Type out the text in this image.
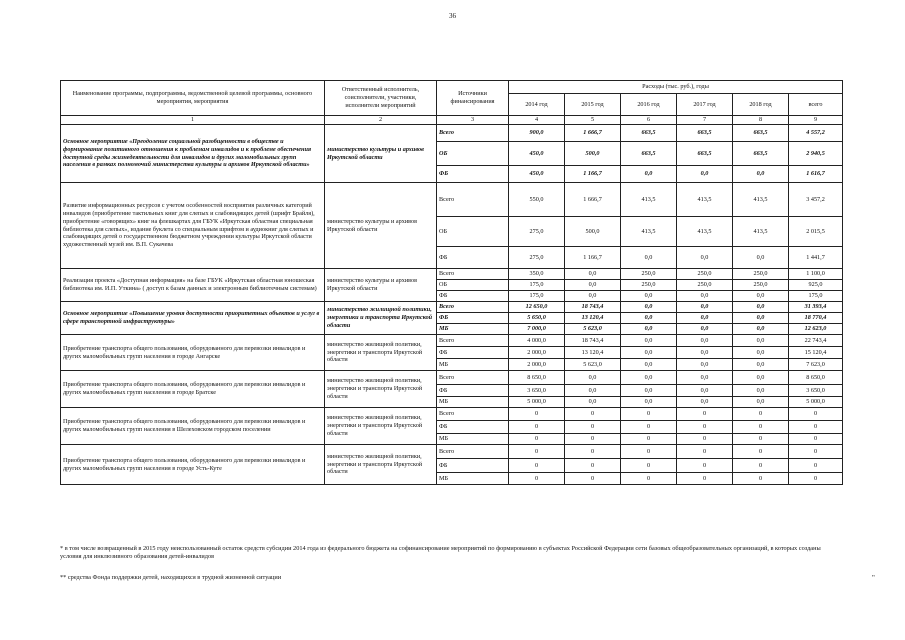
36
Наименование программы, подпрограммы, ведомственной целевой программы, основного мероприятия, мероприятия	Ответственный исполнитель, соисполнители, участники, исполнители мероприятий	Источники финансирования	Расходы (тыс. руб.), годы					
			2014 год	2015 год	2016 год	2017 год	2018 год	всего
1	2	3	4	5	6	7	8	9
Основное мероприятие «Преодоление социальной разобщенности в обществе и формирование позитивного отношения к проблемам инвалидов и к проблеме обеспечения доступной среды жизнедеятельности для инвалидов и других маломобильных групп населения в рамках полномочий министерства культуры и архивов Иркутской области»	министерство культуры и архивов Иркутской области	Всего	900,0	1 666,7	663,5	663,5	663,5	4 557,2
		ОБ	450,0	500,0	663,5	663,5	663,5	2 940,5
		ФБ	450,0	1 166,7	0,0	0,0	0,0	1 616,7
Развитие информационных ресурсов с учетом особенностей восприятия различных категорий инвалидов (приобретение тактильных книг для слепых и слабовидящих детей (шрифт Брайля), приобретение «говорящих» книг на флешкартах для ГБУК «Иркутская областная специальная библиотека для слепых», издание буклета со специальным шрифтом и аудиокниг для слепых и слабовидящих детей о государственном бюджетном учреждении культуры Иркутской области художественный музей им. В.П. Сукачева	министерство культуры и архивов Иркутской области	Всего	550,0	1 666,7	413,5	413,5	413,5	3 457,2
		ОБ	275,0	500,0	413,5	413,5	413,5	2 015,5
		ФБ	275,0	1 166,7	0,0	0,0	0,0	1 441,7
Реализация проекта «Доступная информация» на базе ГБУК «Иркутская областная юношеская библиотека им. И.П. Уткина» ( доступ к базам данных и электронным библиотечным системам)	министерство культуры и архивов Иркутской области	Всего	350,0	0,0	250,0	250,0	250,0	1 100,0
		ОБ	175,0	0,0	250,0	250,0	250,0	925,0
		ФБ	175,0	0,0	0,0	0,0	0,0	175,0
Основное мероприятие «Повышение уровня доступности приоритетных объектов и услуг в сфере транспортной инфраструктуры»	министерство жилищной политики, энергетики и транспорта Иркутской области	Всего	12 650,0	18 743,4	0,0	0,0	0,0	31 393,4
		ФБ	5 650,0	13 120,4	0,0	0,0	0,0	18 770,4
		МБ	7 000,0	5 623,0	0,0	0,0	0,0	12 623,0
Приобретение транспорта общего пользования, оборудованного для перевозки инвалидов и других маломобильных групп населения в городе Ангарске	министерство жилищной политики, энергетики и транспорта Иркутской области	Всего	4 000,0	18 743,4	0,0	0,0	0,0	22 743,4
		ФБ	2 000,0	13 120,4	0,0	0,0	0,0	15 120,4
		МБ	2 000,0	5 623,0	0,0	0,0	0,0	7 623,0
Приобретение транспорта общего пользования, оборудованного для перевозки инвалидов и других маломобильных групп населения в городе Братске	министерство жилищной политики, энергетики и транспорта Иркутской области	Всего	8 650,0	0,0	0,0	0,0	0,0	8 650,0
		ФБ	3 650,0	0,0	0,0	0,0	0,0	3 650,0
		МБ	5 000,0	0,0	0,0	0,0	0,0	5 000,0
Приобретение транспорта общего пользования, оборудованного для перевозки инвалидов и других маломобильных групп населения в Шелеховском городском поселении	министерство жилищной политики, энергетики и транспорта Иркутской области	Всего	0	0	0	0	0	0
		ФБ	0	0	0	0	0	0
		МБ	0	0	0	0	0	0
Приобретение транспорта общего пользования, оборудованного для перевозки инвалидов и других маломобильных групп населения в городе Усть-Куте	министерство жилищной политики, энергетики и транспорта Иркутской области	Всего	0	0	0	0	0	0
		ФБ	0	0	0	0	0	0
		МБ	0	0	0	0	0	0
* в том числе возвращенный в 2015 году неиспользованный остаток средств субсидии 2014 года из федерального бюджета на софинансирование мероприятий по формированию в субъектах Российской Федерации сети базовых общеобразовательных организаций, в которых созданы условия для инклюзивного образования детей-инвалидов
** средства Фонда поддержки детей, находящихся в трудной жизненной ситуации	"
